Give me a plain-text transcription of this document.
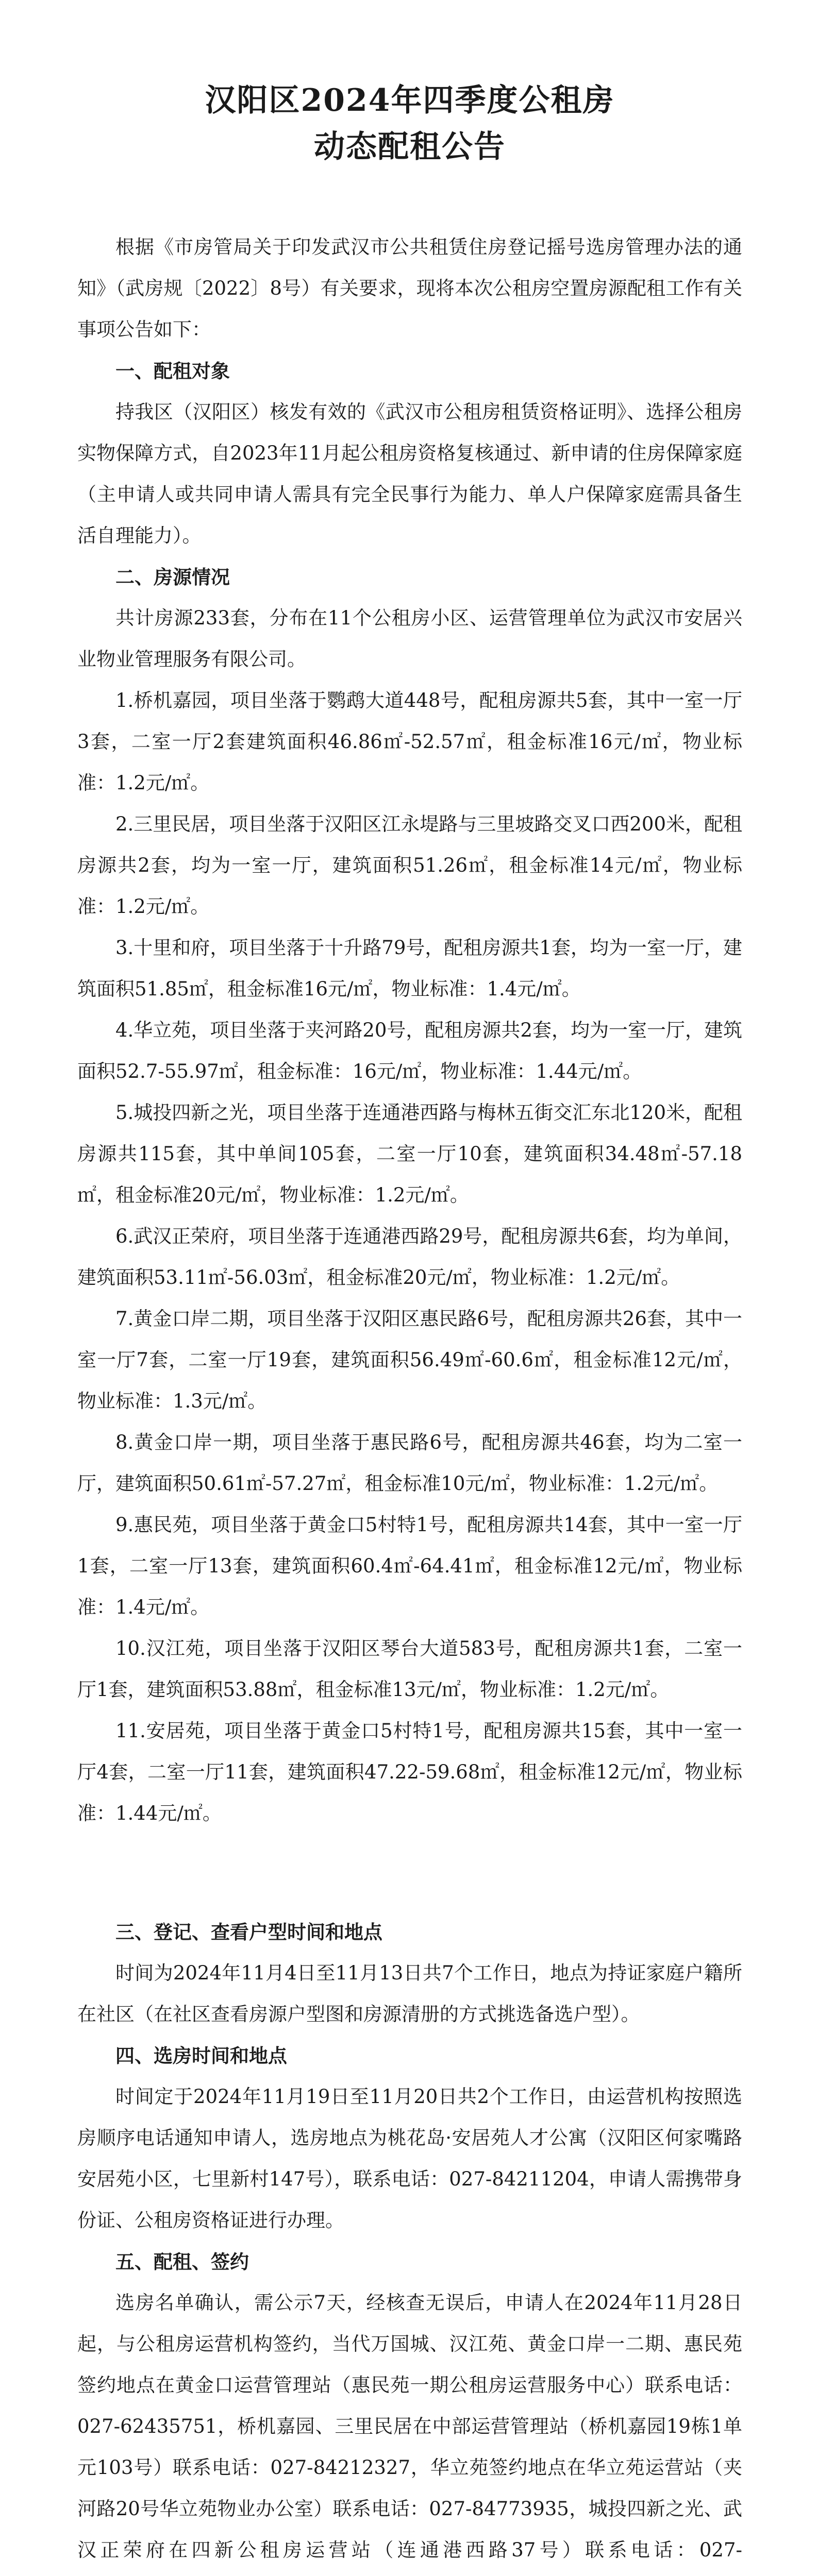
汉阳区2024年四季度公租房
动态配租公告

根据《市房管局关于印发武汉市公共租赁住房登记摇号选房管理办法的通知》（武房规〔2022〕8号）有关要求，现将本次公租房空置房源配租工作有关事项公告如下：

一、配租对象

持我区（汉阳区）核发有效的《武汉市公租房租赁资格证明》、选择公租房实物保障方式，自2023年11月起公租房资格复核通过、新申请的住房保障家庭（主申请人或共同申请人需具有完全民事行为能力、单人户保障家庭需具备生活自理能力）。

二、房源情况

共计房源233套，分布在11个公租房小区、运营管理单位为武汉市安居兴业物业管理服务有限公司。

1.桥机嘉园，项目坐落于鹦鹉大道448号，配租房源共5套，其中一室一厅3套，二室一厅2套建筑面积46.86㎡-52.57㎡，租金标准16元/㎡，物业标准：1.2元/㎡。

2.三里民居，项目坐落于汉阳区江永堤路与三里坡路交叉口西200米，配租房源共2套，均为一室一厅，建筑面积51.26㎡，租金标准14元/㎡，物业标准：1.2元/㎡。

3.十里和府，项目坐落于十升路79号，配租房源共1套，均为一室一厅，建筑面积51.85㎡，租金标准16元/㎡，物业标准：1.4元/㎡。

4.华立苑，项目坐落于夹河路20号，配租房源共2套，均为一室一厅，建筑面积52.7-55.97㎡，租金标准：16元/㎡，物业标准：1.44元/㎡。

5.城投四新之光，项目坐落于连通港西路与梅林五街交汇东北120米，配租房源共115套，其中单间105套，二室一厅10套，建筑面积34.48㎡-57.18㎡，租金标准20元/㎡，物业标准：1.2元/㎡。

6.武汉正荣府，项目坐落于连通港西路29号，配租房源共6套，均为单间，建筑面积53.11㎡-56.03㎡，租金标准20元/㎡，物业标准：1.2元/㎡。

7.黄金口岸二期，项目坐落于汉阳区惠民路6号，配租房源共26套，其中一室一厅7套，二室一厅19套，建筑面积56.49㎡-60.6㎡，租金标准12元/㎡，物业标准：1.3元/㎡。

8.黄金口岸一期，项目坐落于惠民路6号，配租房源共46套，均为二室一厅，建筑面积50.61㎡-57.27㎡，租金标准10元/㎡，物业标准：1.2元/㎡。

9.惠民苑，项目坐落于黄金口5村特1号，配租房源共14套，其中一室一厅1套，二室一厅13套，建筑面积60.4㎡-64.41㎡，租金标准12元/㎡，物业标准：1.4元/㎡。

10.汉江苑，项目坐落于汉阳区琴台大道583号，配租房源共1套，二室一厅1套，建筑面积53.88㎡，租金标准13元/㎡，物业标准：1.2元/㎡。

11.安居苑，项目坐落于黄金口5村特1号，配租房源共15套，其中一室一厅4套，二室一厅11套，建筑面积47.22-59.68㎡，租金标准12元/㎡，物业标准：1.44元/㎡。

三、登记、查看户型时间和地点

时间为2024年11月4日至11月13日共7个工作日，地点为持证家庭户籍所在社区（在社区查看房源户型图和房源清册的方式挑选备选户型）。

四、选房时间和地点

时间定于2024年11月19日至11月20日共2个工作日，由运营机构按照选房顺序电话通知申请人，选房地点为桃花岛·安居苑人才公寓（汉阳区何家嘴路安居苑小区，七里新村147号），联系电话：027-84211204，申请人需携带身份证、公租房资格证进行办理。

五、配租、签约

选房名单确认，需公示7天，经核查无误后，申请人在2024年11月28日起，与公租房运营机构签约，当代万国城、汉江苑、黄金口岸一二期、惠民苑签约地点在黄金口运营管理站（惠民苑一期公租房运营服务中心）联系电话：027-62435751，桥机嘉园、三里民居在中部运营管理站（桥机嘉园19栋1单元103号）联系电话：027-84212327，华立苑签约地点在华立苑运营站（夹河路20号华立苑物业办公室）联系电话：027-84773935，城投四新之光、武汉正荣府在四新公租房运营站（连通港西路37号）联系电话：027-
